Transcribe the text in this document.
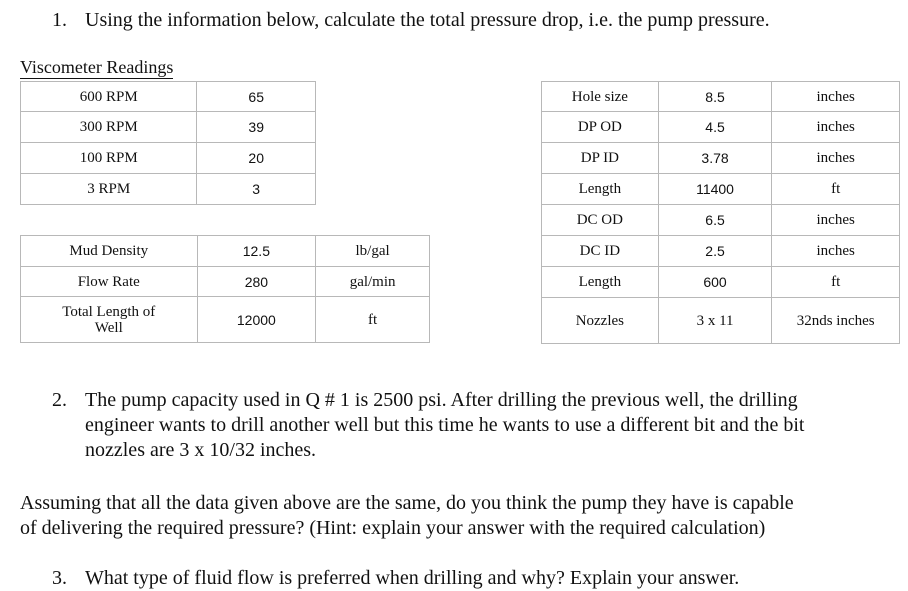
1. Using the information below, calculate the total pressure drop, i.e. the pump pressure.
Viscometer Readings
600 RPM	65
300 RPM	39
100 RPM	20
3 RPM	3
Mud Density	12.5	lb/gal
Flow Rate	280	gal/min

Total Length of
Well	12000	ft
Hole size	8.5	inches
DP OD	4.5	inches
DP ID	3.78	inches
Length	11400	ft
DC OD	6.5	inches
DC ID	2.5	inches
Length	600	ft
Nozzles	3 x 11	32nds inches
2. The pump capacity used in Q # 1 is 2500 psi. After drilling the previous well, the drilling
engineer wants to drill another well but this time he wants to use a different bit and the bit
nozzles are 3 x 10/32 inches.
Assuming that all the data given above are the same, do you think the pump they have is capable
of delivering the required pressure? (Hint: explain your answer with the required calculation)
3. What type of fluid flow is preferred when drilling and why? Explain your answer.
